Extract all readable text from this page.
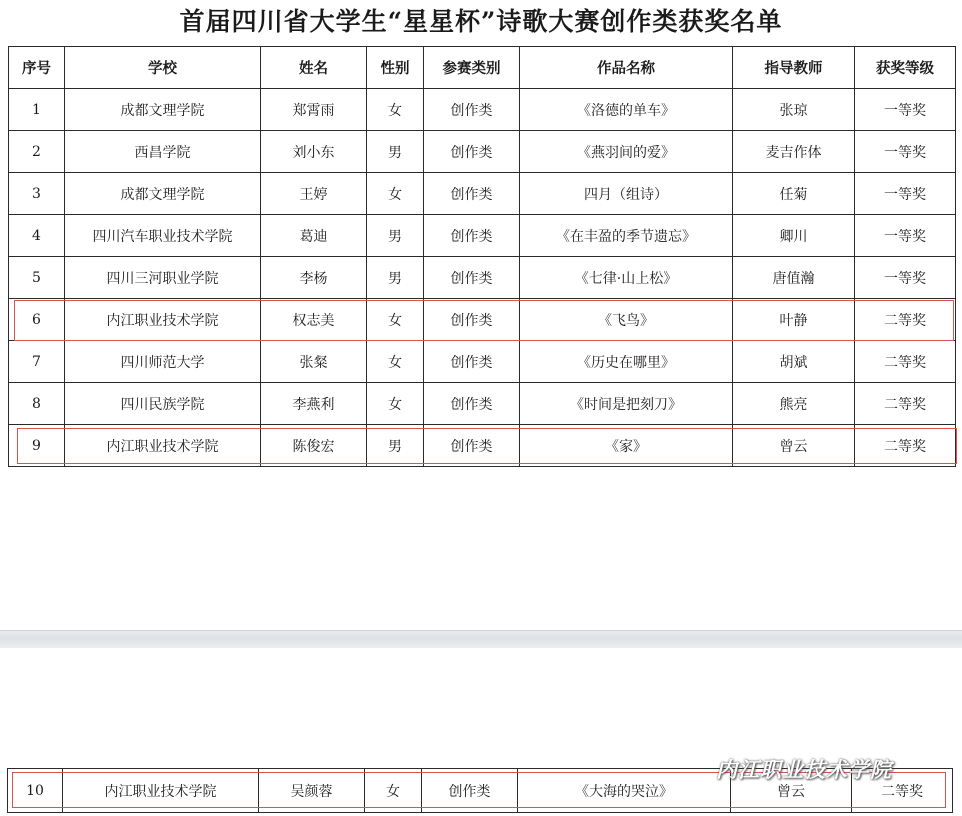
首届四川省大学生“星星杯”诗歌大赛创作类获奖名单
序号	学校	姓名	性别	参赛类别	作品名称	指导教师	获奖等级
1	成都文理学院	郑霄雨	女	创作类	《洛德的单车》	张琼	一等奖
2	西昌学院	刘小东	男	创作类	《燕羽间的爱》	麦吉作体	一等奖
3	成都文理学院	王婷	女	创作类	四月（组诗）	任菊	一等奖
4	四川汽车职业技术学院	葛迪	男	创作类	《在丰盈的季节遗忘》	卿川	一等奖
5	四川三河职业学院	李杨	男	创作类	《七律·山上松》	唐值瀚	一等奖
6	内江职业技术学院	权志美	女	创作类	《飞鸟》	叶静	二等奖
7	四川师范大学	张粲	女	创作类	《历史在哪里》	胡斌	二等奖
8	四川民族学院	李燕利	女	创作类	《时间是把刻刀》	熊亮	二等奖
9	内江职业技术学院	陈俊宏	男	创作类	《家》	曾云	二等奖
10	内江职业技术学院	吴颜蓉	女	创作类	《大海的哭泣》	曾云	二等奖
内江职业技术学院
